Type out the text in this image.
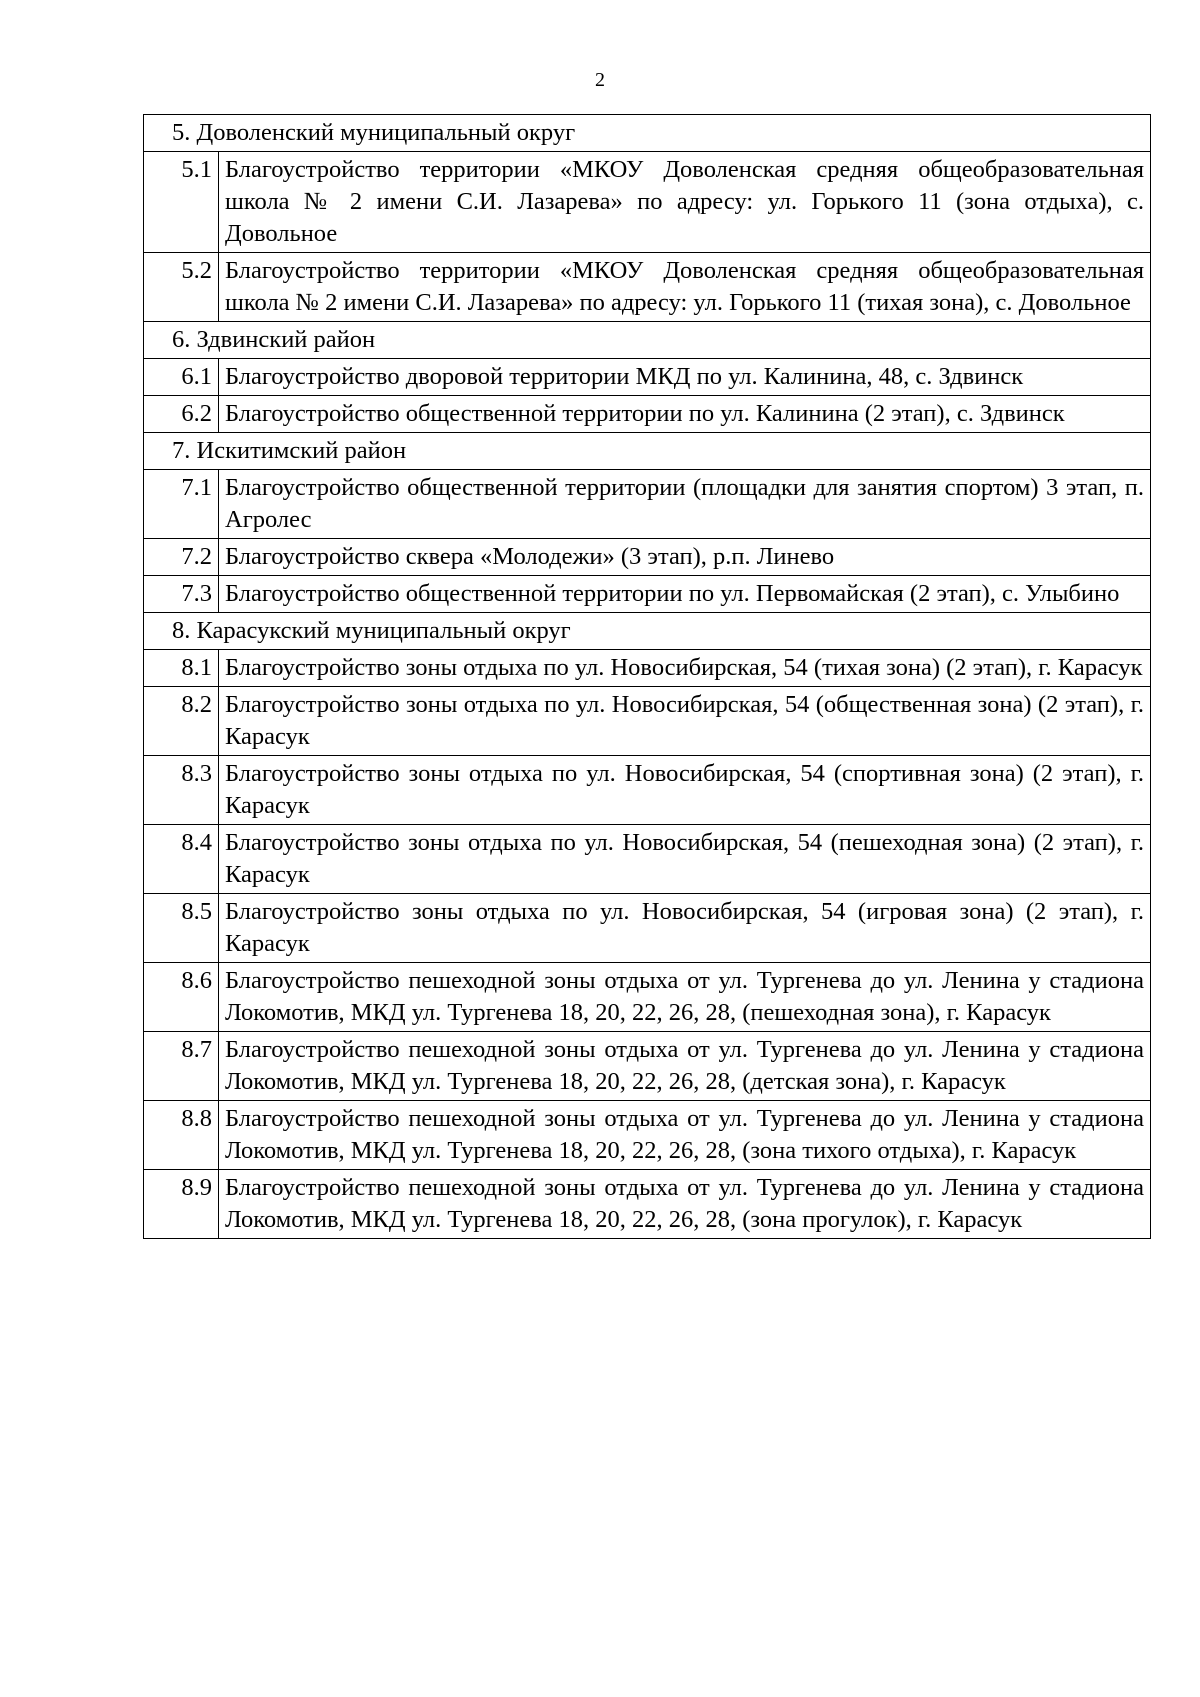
2
5. Доволенский муниципальный округ	
5.1	Благоустройство территории «МКОУ Доволенская средняя общеобразовательная школа № 2 имени С.И. Лазарева» по адресу: ул. Горького 11 (зона отдыха), с. Довольное
5.2	Благоустройство территории «МКОУ Доволенская средняя общеобразовательная школа № 2 имени С.И. Лазарева» по адресу: ул. Горького 11 (тихая зона), с. Довольное
6. Здвинский район	
6.1	Благоустройство дворовой территории МКД по ул. Калинина, 48, с. Здвинск
6.2	Благоустройство общественной территории по ул. Калинина (2 этап), с. Здвинск
7. Искитимский район	
7.1	Благоустройство общественной территории (площадки для занятия спортом) 3 этап, п. Агролес
7.2	Благоустройство сквера «Молодежи» (3 этап), р.п. Линево
7.3	Благоустройство общественной территории по ул. Первомайская (2 этап), с. Улыбино
8. Карасукский муниципальный округ	
8.1	Благоустройство зоны отдыха по ул. Новосибирская, 54 (тихая зона) (2 этап), г. Карасук
8.2	Благоустройство зоны отдыха по ул. Новосибирская, 54 (общественная зона) (2 этап), г. Карасук
8.3	Благоустройство зоны отдыха по ул. Новосибирская, 54 (спортивная зона) (2 этап), г. Карасук
8.4	Благоустройство зоны отдыха по ул. Новосибирская, 54 (пешеходная зона) (2 этап), г. Карасук
8.5	Благоустройство зоны отдыха по ул. Новосибирская, 54 (игровая зона) (2 этап), г. Карасук
8.6	Благоустройство пешеходной зоны отдыха от ул. Тургенева до ул. Ленина у стадиона Локомотив, МКД ул. Тургенева 18, 20, 22, 26, 28, (пешеходная зона), г. Карасук
8.7	Благоустройство пешеходной зоны отдыха от ул. Тургенева до ул. Ленина у стадиона Локомотив, МКД ул. Тургенева 18, 20, 22, 26, 28, (детская зона), г. Карасук
8.8	Благоустройство пешеходной зоны отдыха от ул. Тургенева до ул. Ленина у стадиона Локомотив, МКД ул. Тургенева 18, 20, 22, 26, 28, (зона тихого отдыха), г. Карасук
8.9	Благоустройство пешеходной зоны отдыха от ул. Тургенева до ул. Ленина у стадиона Локомотив, МКД ул. Тургенева 18, 20, 22, 26, 28, (зона прогулок), г. Карасук
